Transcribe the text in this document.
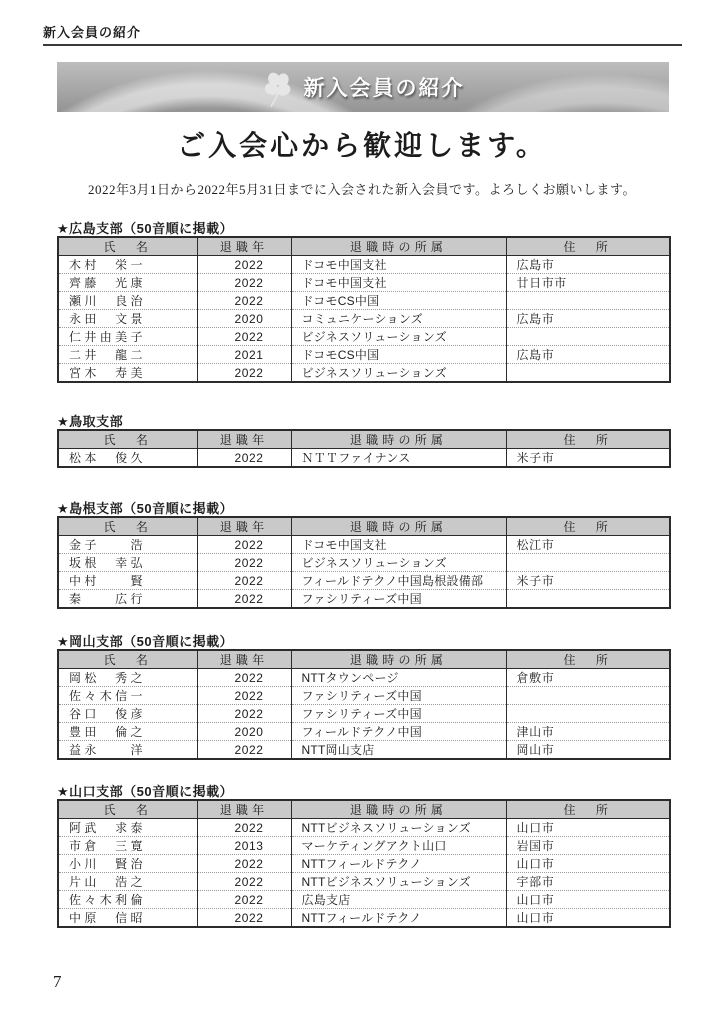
新入会員の紹介
新入会員の紹介
ご入会心から歓迎します。
2022年3月1日から2022年5月31日までに入会された新入会員です。よろしくお願いします。
★広島支部（50音順に掲載）
氏　名	退職年	退職時の所属	住　所
木村　栄一	2022	ドコモ中国支社	広島市
齊藤　光康	2022	ドコモ中国支社	廿日市市
瀬川　良治	2022	ドコモCS中国	
永田　文景	2020	コミュニケーションズ	広島市
仁井由美子	2022	ビジネスソリューションズ	
二井　龍二	2021	ドコモCS中国	広島市
宮木　寿美	2022	ビジネスソリューションズ	
★鳥取支部
氏　名	退職年	退職時の所属	住　所
松本　俊久	2022	ＮＴＴファイナンス	米子市
★島根支部（50音順に掲載）
氏　名	退職年	退職時の所属	住　所
金子　　浩	2022	ドコモ中国支社	松江市
坂根　幸弘	2022	ビジネスソリューションズ	
中村　　賢	2022	フィールドテクノ中国島根設備部	米子市
秦　　広行	2022	ファシリティーズ中国	
★岡山支部（50音順に掲載）
氏　名	退職年	退職時の所属	住　所
岡松　秀之	2022	NTTタウンページ	倉敷市
佐々木信一	2022	ファシリティーズ中国	
谷口　俊彦	2022	ファシリティーズ中国	
豊田　倫之	2020	フィールドテクノ中国	津山市
益永　　洋	2022	NTT岡山支店	岡山市
★山口支部（50音順に掲載）
氏　名	退職年	退職時の所属	住　所
阿武　求泰	2022	NTTビジネスソリューションズ	山口市
市倉　三寛	2013	マーケティングアクト山口	岩国市
小川　賢治	2022	NTTフィールドテクノ	山口市
片山　浩之	2022	NTTビジネスソリューションズ	宇部市
佐々木利倫	2022	広島支店	山口市
中原　信昭	2022	NTTフィールドテクノ	山口市
7
